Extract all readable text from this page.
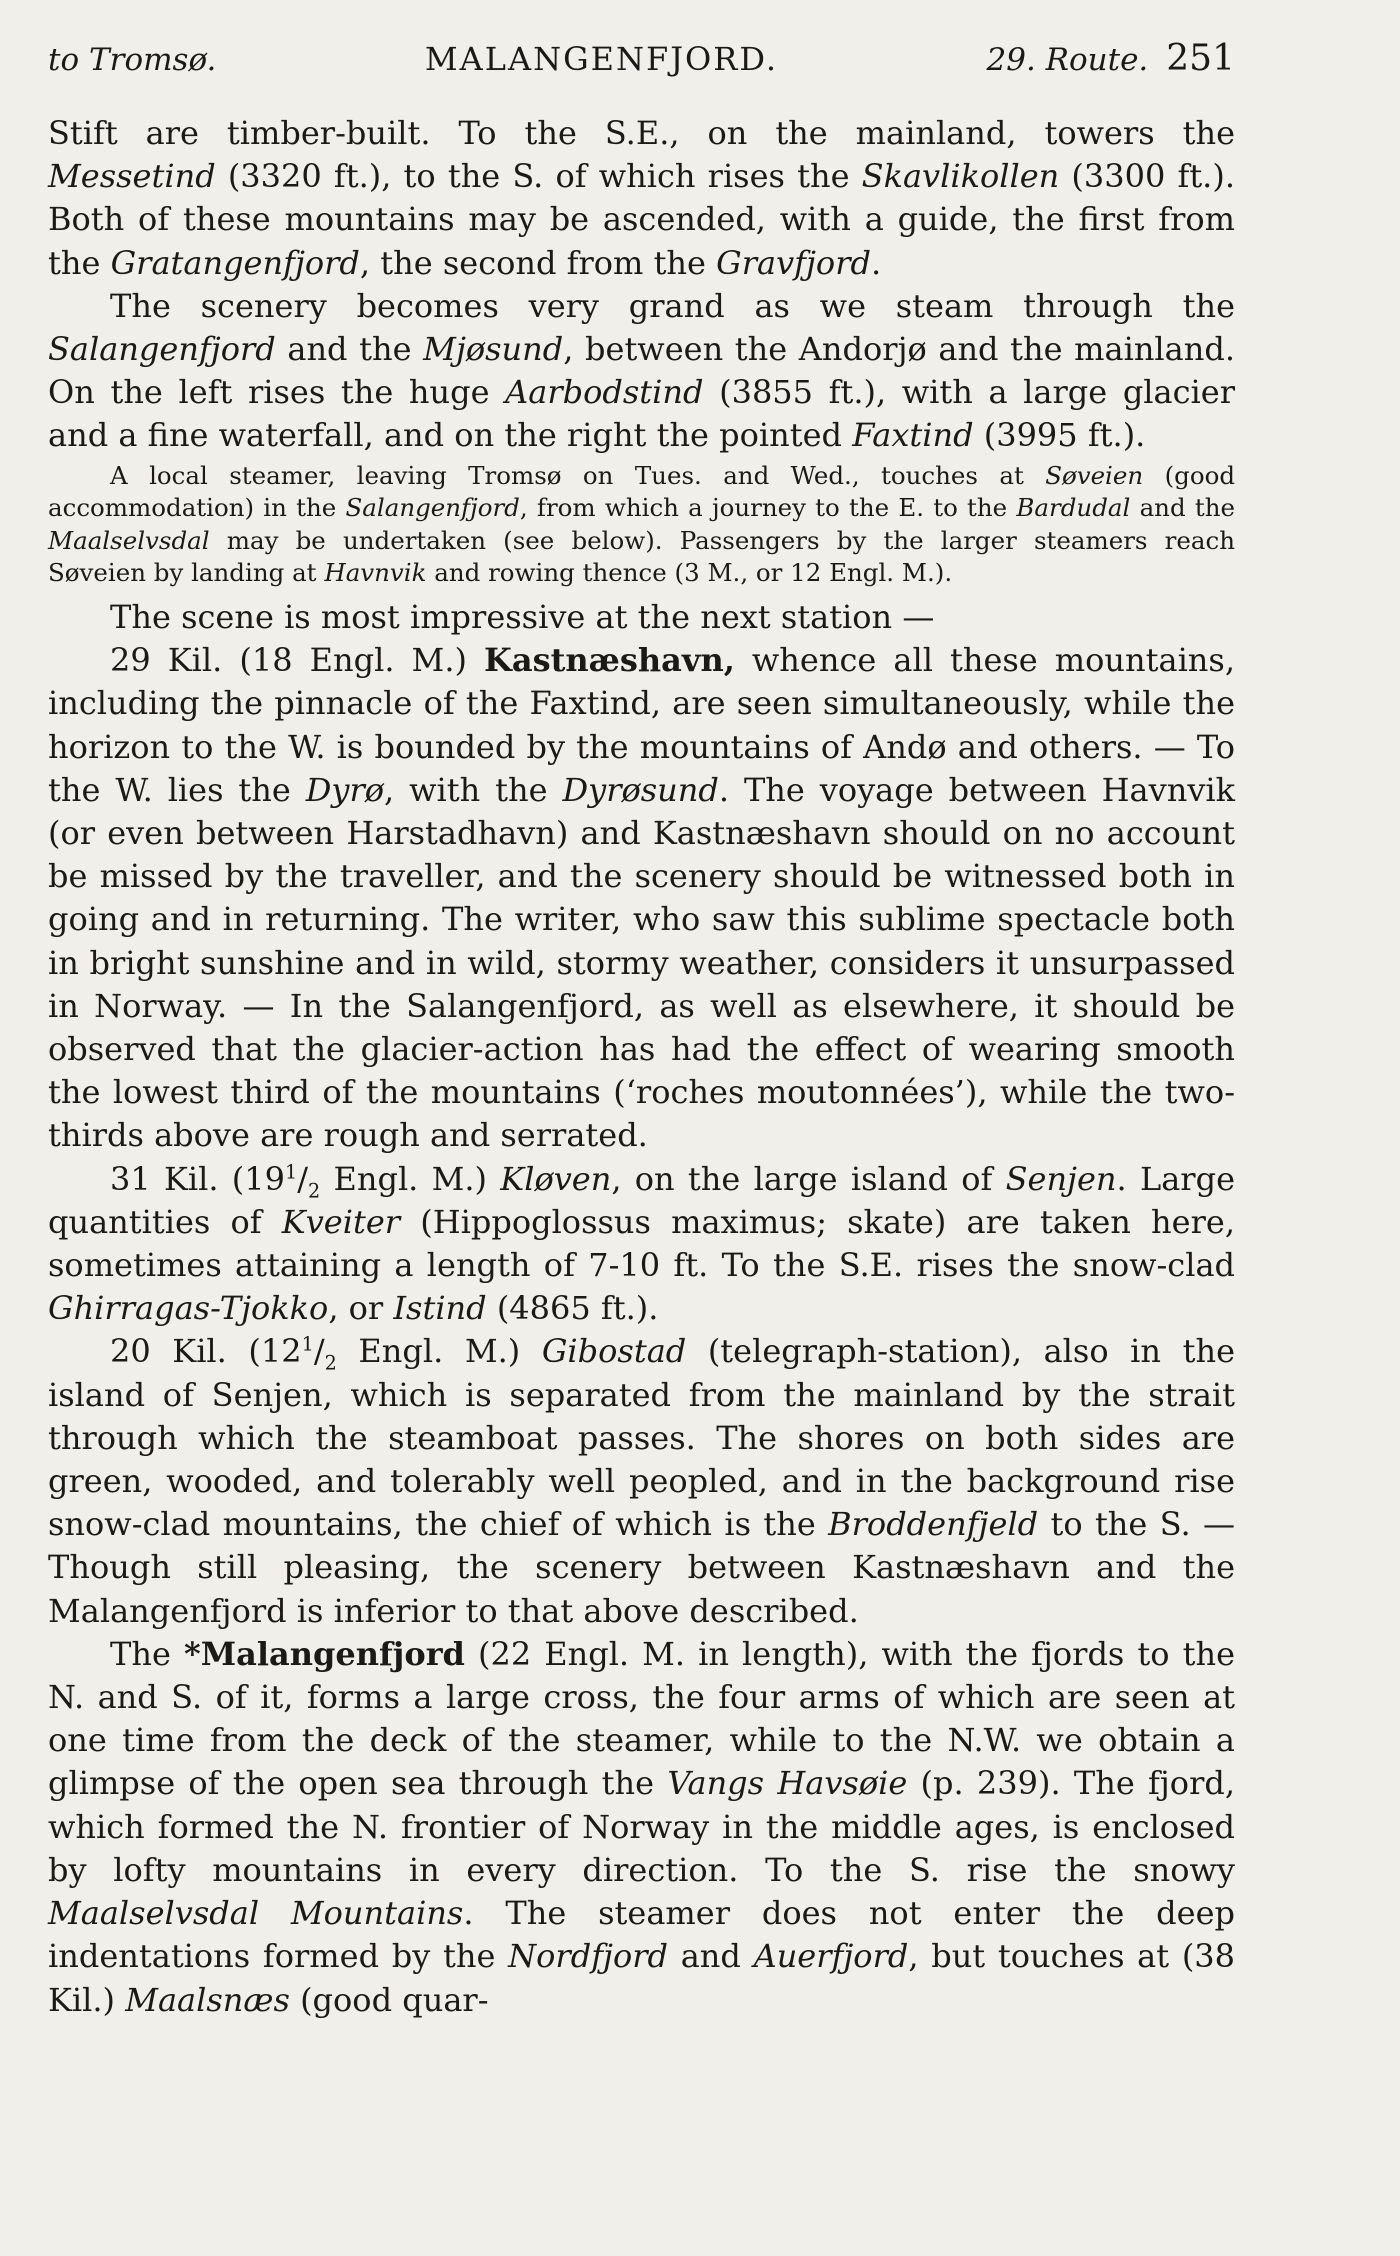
to Tromsø.	MALANGENFJORD.	29. Route. 251

Stift are timber-built. To the S.E., on the mainland, towers the Messetind (3320 ft.), to the S. of which rises the Skavlikollen (3300 ft.). Both of these mountains may be ascended, with a guide, the first from the Gratangenfjord, the second from the Gravfjord.

The scenery becomes very grand as we steam through the Salangenfjord and the Mjøsund, between the Andorjø and the mainland. On the left rises the huge Aarbodstind (3855 ft.), with a large glacier and a fine waterfall, and on the right the pointed Faxtind (3995 ft.).

A local steamer, leaving Tromsø on Tues. and Wed., touches at Søveien (good accommodation) in the Salangenfjord, from which a journey to the E. to the Bardudal and the Maalselvsdal may be undertaken (see below). Passengers by the larger steamers reach Søveien by landing at Havnvik and rowing thence (3 M., or 12 Engl. M.).

The scene is most impressive at the next station —

29 Kil. (18 Engl. M.) Kastnæshavn, whence all these mountains, including the pinnacle of the Faxtind, are seen simultaneously, while the horizon to the W. is bounded by the mountains of Andø and others. — To the W. lies the Dyrø, with the Dyrøsund. The voyage between Havnvik (or even between Harstadhavn) and Kastnæshavn should on no account be missed by the traveller, and the scenery should be witnessed both in going and in returning. The writer, who saw this sublime spectacle both in bright sunshine and in wild, stormy weather, considers it unsurpassed in Norway. — In the Salangenfjord, as well as elsewhere, it should be observed that the glacier-action has had the effect of wearing smooth the lowest third of the mountains (‘roches moutonnées’), while the two-thirds above are rough and serrated.

31 Kil. ($19^1/_2$ Engl. M.) Kløven, on the large island of Senjen. Large quantities of Kveiter (Hippoglossus maximus; skate) are taken here, sometimes attaining a length of 7-10 ft. To the S.E. rises the snow-clad Ghirragas-Tjokko, or Istind (4865 ft.).

20 Kil. ($12^1/_2$ Engl. M.) Gibostad (telegraph-station), also in the island of Senjen, which is separated from the mainland by the strait through which the steamboat passes. The shores on both sides are green, wooded, and tolerably well peopled, and in the background rise snow-clad mountains, the chief of which is the Broddenfjeld to the S. — Though still pleasing, the scenery between Kastnæshavn and the Malangenfjord is inferior to that above described.

The *Malangenfjord (22 Engl. M. in length), with the fjords to the N. and S. of it, forms a large cross, the four arms of which are seen at one time from the deck of the steamer, while to the N.W. we obtain a glimpse of the open sea through the Vangs Havsøie (p. 239). The fjord, which formed the N. frontier of Norway in the middle ages, is enclosed by lofty mountains in every direction. To the S. rise the snowy Maalselvsdal Mountains. The steamer does not enter the deep indentations formed by the Nordfjord and Auerfjord, but touches at (38 Kil.) Maalsnæs (good quar-
